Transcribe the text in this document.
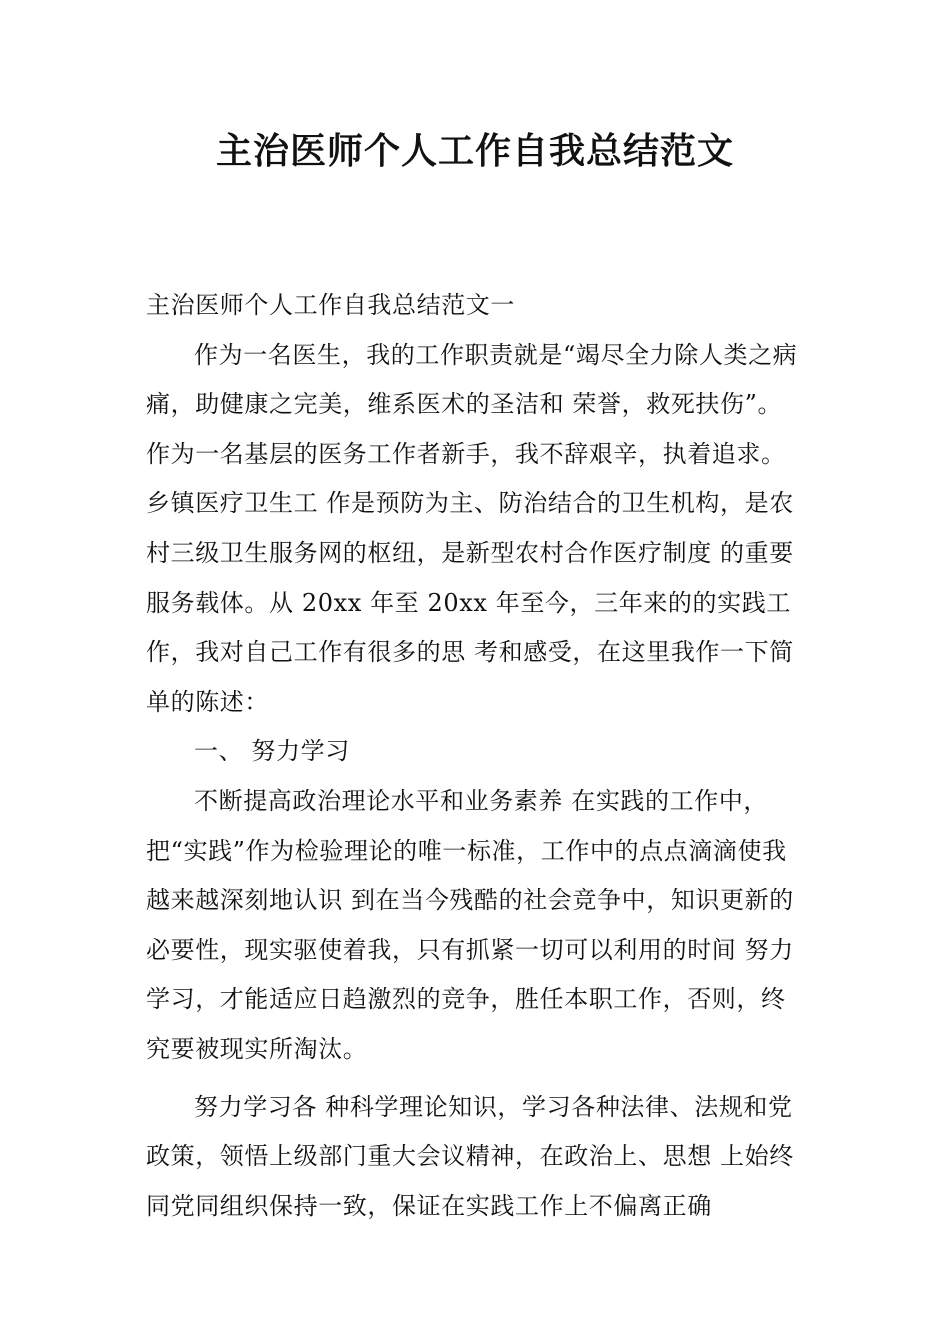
主治医师个人工作自我总结范文

主治医师个人工作自我总结范文一

作为一名医生，我的工作职责就是“竭尽全力除人类之病痛，助健康之完美，维系医术的圣洁和 荣誉，救死扶伤”。作为一名基层的医务工作者新手，我不辞艰辛，执着追求。乡镇医疗卫生工 作是预防为主、防治结合的卫生机构，是农村三级卫生服务网的枢纽，是新型农村合作医疗制度 的重要服务载体。从 20xx 年至 20xx 年至今，三年来的的实践工作，我对自己工作有很多的思 考和感受，在这里我作一下简单的陈述：

一、 努力学习

不断提高政治理论水平和业务素养 在实践的工作中，把“实践”作为检验理论的唯一标准，工作中的点点滴滴使我越来越深刻地认识 到在当今残酷的社会竞争中，知识更新的必要性，现实驱使着我，只有抓紧一切可以利用的时间 努力学习，才能适应日趋激烈的竞争，胜任本职工作，否则，终究要被现实所淘汰。

努力学习各 种科学理论知识，学习各种法律、法规和党政策，领悟上级部门重大会议精神，在政治上、思想 上始终同党同组织保持一致，保证在实践工作上不偏离正确
